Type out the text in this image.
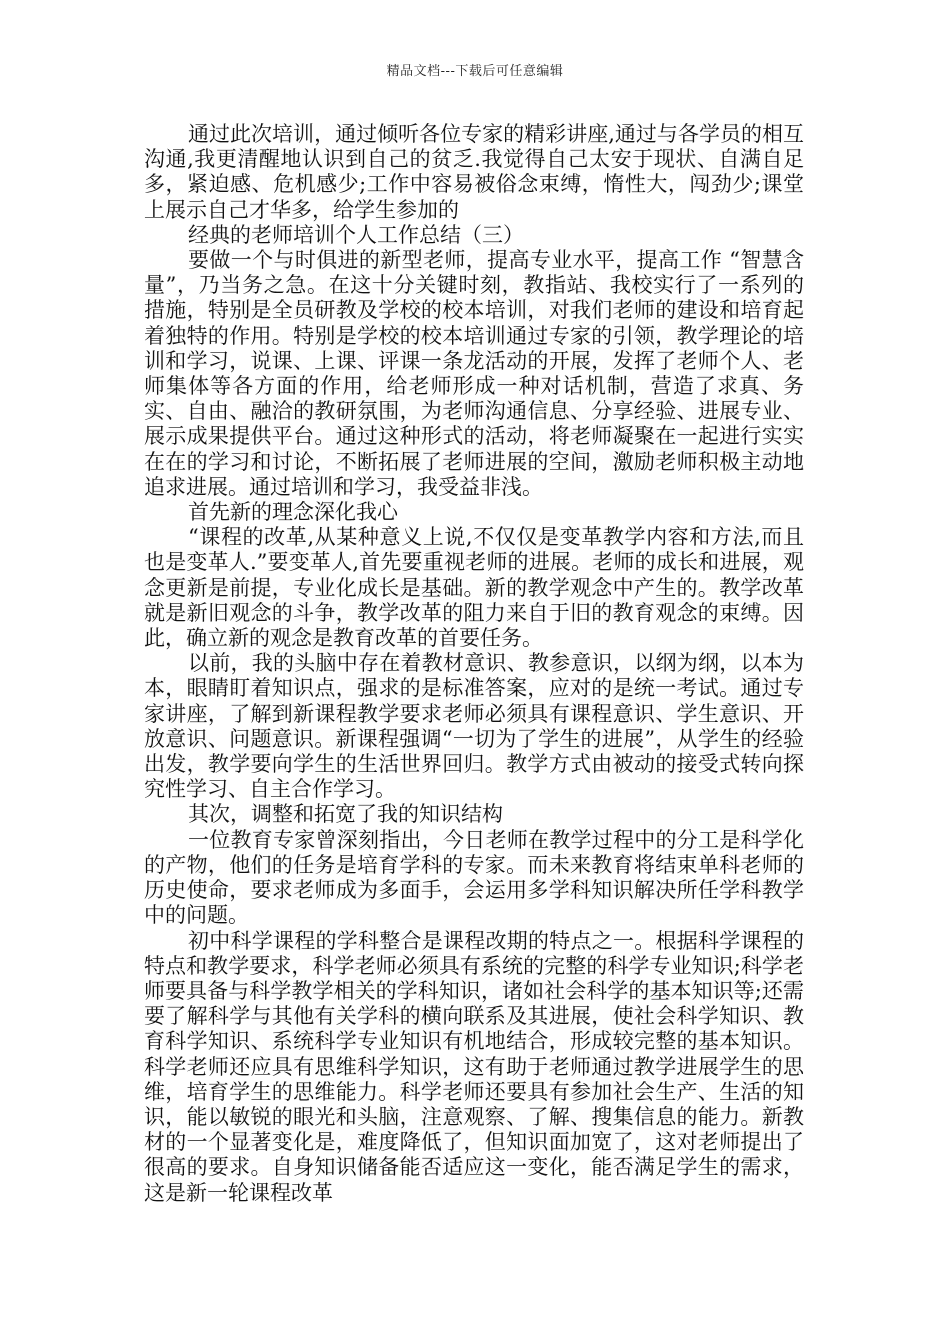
精品文档---下载后可任意编辑

通过此次培训，通过倾听各位专家的精彩讲座,通过与各学员的相互沟通,我更清醒地认识到自己的贫乏.我觉得自己太安于现状、自满自足多，紧迫感、危机感少;工作中容易被俗念束缚，惰性大，闯劲少;课堂上展示自己才华多，给学生参加的

经典的老师培训个人工作总结（三）

要做一个与时俱进的新型老师，提高专业水平，提高工作 “智慧含量”，乃当务之急。在这十分关键时刻，教指站、我校实行了一系列的措施，特别是全员研教及学校的校本培训，对我们老师的建设和培育起着独特的作用。特别是学校的校本培训通过专家的引领，教学理论的培训和学习，说课、上课、评课一条龙活动的开展，发挥了老师个人、老师集体等各方面的作用，给老师形成一种对话机制，营造了求真、务实、自由、融洽的教研氛围，为老师沟通信息、分享经验、进展专业、展示成果提供平台。通过这种形式的活动，将老师凝聚在一起进行实实在在的学习和讨论，不断拓展了老师进展的空间，激励老师积极主动地追求进展。通过培训和学习，我受益非浅。

首先新的理念深化我心

“课程的改革,从某种意义上说,不仅仅是变革教学内容和方法,而且也是变革人.”要变革人,首先要重视老师的进展。老师的成长和进展，观念更新是前提，专业化成长是基础。新的教学观念中产生的。教学改革就是新旧观念的斗争，教学改革的阻力来自于旧的教育观念的束缚。因此，确立新的观念是教育改革的首要任务。

以前，我的头脑中存在着教材意识、教参意识，以纲为纲，以本为本，眼睛盯着知识点，强求的是标准答案，应对的是统一考试。通过专家讲座，了解到新课程教学要求老师必须具有课程意识、学生意识、开放意识、问题意识。新课程强调“一切为了学生的进展”，从学生的经验出发，教学要向学生的生活世界回归。教学方式由被动的接受式转向探究性学习、自主合作学习。

其次，调整和拓宽了我的知识结构

一位教育专家曾深刻指出，今日老师在教学过程中的分工是科学化的产物，他们的任务是培育学科的专家。而未来教育将结束单科老师的历史使命，要求老师成为多面手，会运用多学科知识解决所任学科教学中的问题。

初中科学课程的学科整合是课程改期的特点之一。根据科学课程的特点和教学要求，科学老师必须具有系统的完整的科学专业知识;科学老师要具备与科学教学相关的学科知识，诸如社会科学的基本知识等;还需要了解科学与其他有关学科的横向联系及其进展，使社会科学知识、教育科学知识、系统科学专业知识有机地结合，形成较完整的基本知识。科学老师还应具有思维科学知识，这有助于老师通过教学进展学生的思维，培育学生的思维能力。科学老师还要具有参加社会生产、生活的知识，能以敏锐的眼光和头脑，注意观察、了解、搜集信息的能力。新教材的一个显著变化是，难度降低了，但知识面加宽了，这对老师提出了很高的要求。自身知识储备能否适应这一变化，能否满足学生的需求，这是新一轮课程改革
